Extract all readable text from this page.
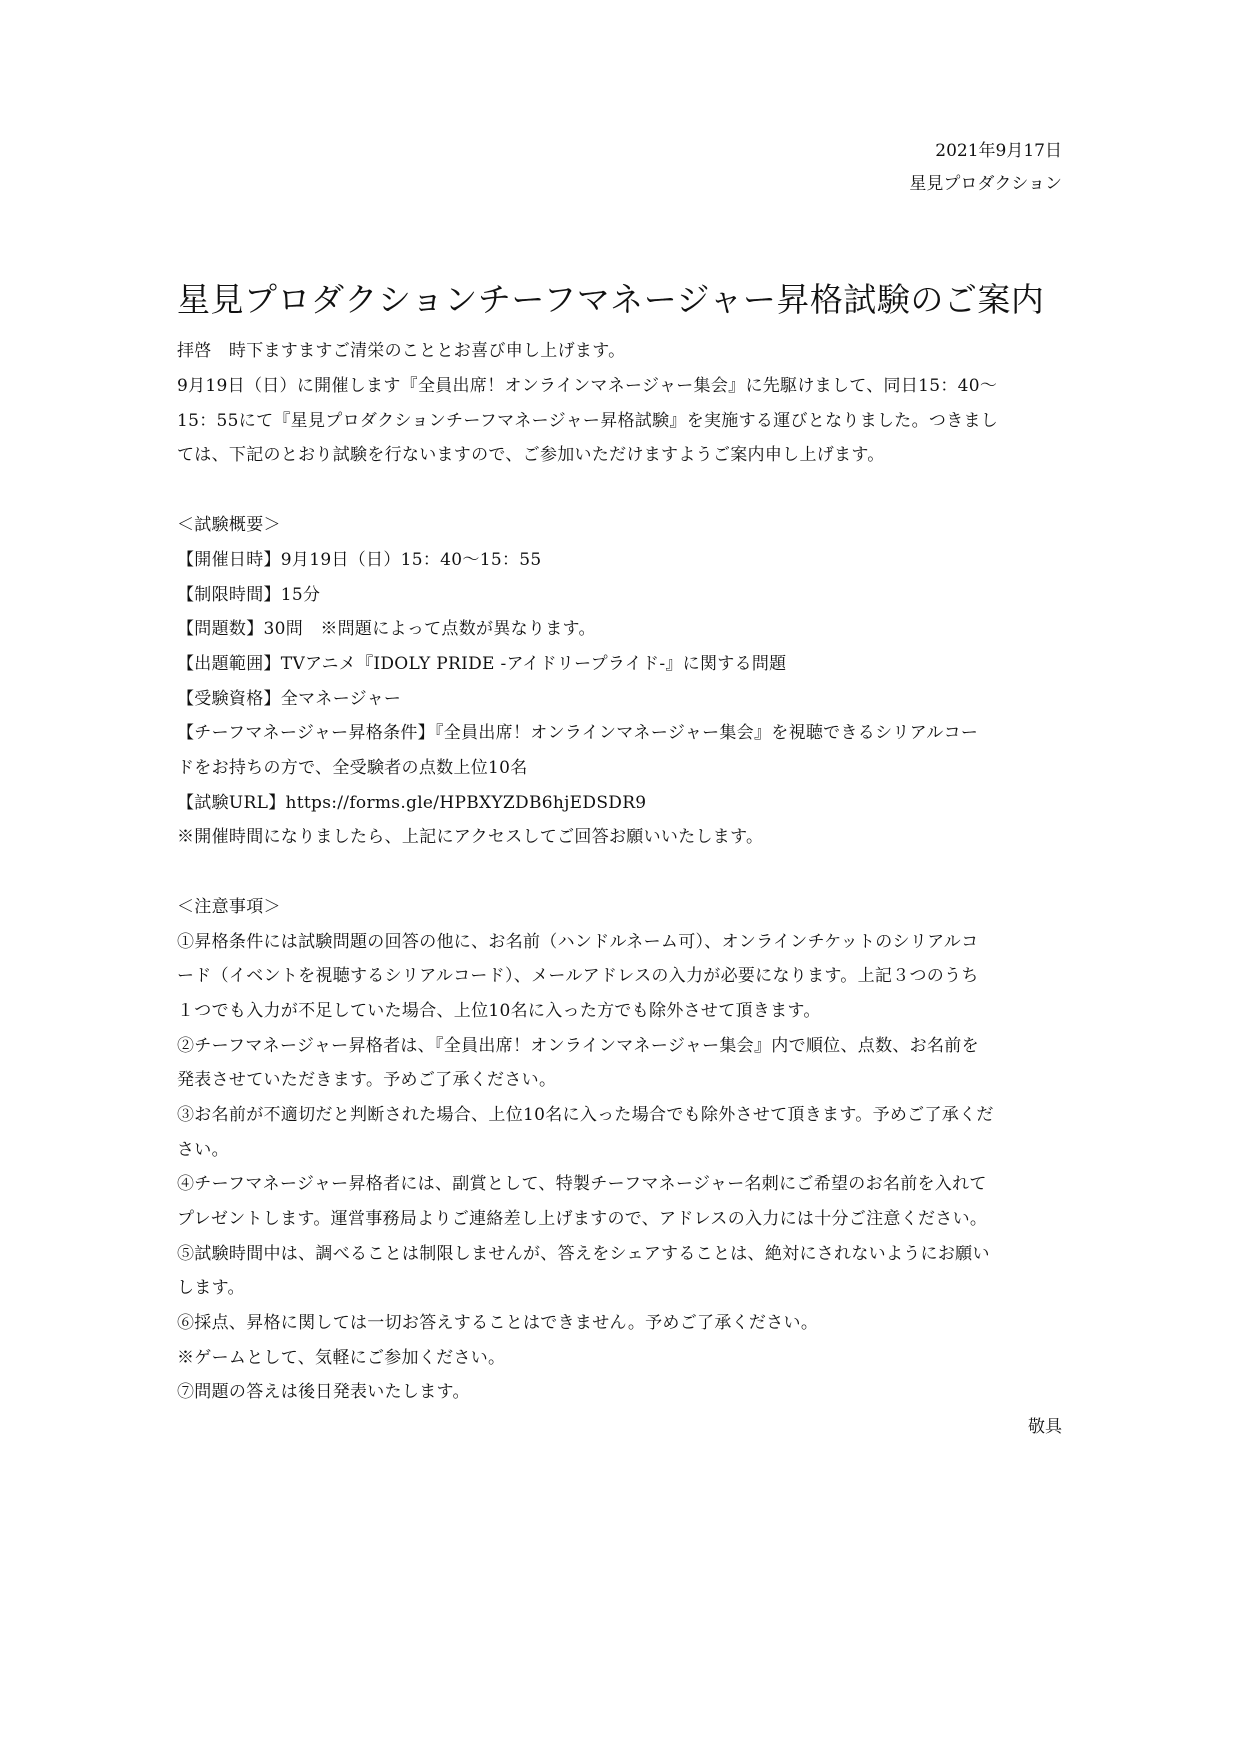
2021年9月17日
星見プロダクション
星見プロダクションチーフマネージャー昇格試験のご案内
拝啓　時下ますますご清栄のこととお喜び申し上げます。
9月19日（日）に開催します『全員出席！オンラインマネージャー集会』に先駆けまして、同日15：40〜
15：55にて『星見プロダクションチーフマネージャー昇格試験』を実施する運びとなりました。つきまし
ては、下記のとおり試験を行ないますので、ご参加いただけますようご案内申し上げます。
＜試験概要＞
【開催日時】9月19日（日）15：40〜15：55
【制限時間】15分
【問題数】30問　※問題によって点数が異なります。
【出題範囲】TVアニメ『IDOLY PRIDE -アイドリープライド-』に関する問題
【受験資格】全マネージャー
【チーフマネージャー昇格条件】『全員出席！オンラインマネージャー集会』を視聴できるシリアルコー
ドをお持ちの方で、全受験者の点数上位10名
【試験URL】https://forms.gle/HPBXYZDB6hjEDSDR9
※開催時間になりましたら、上記にアクセスしてご回答お願いいたします。
＜注意事項＞
①昇格条件には試験問題の回答の他に、お名前（ハンドルネーム可）、オンラインチケットのシリアルコ
ード（イベントを視聴するシリアルコード）、メールアドレスの入力が必要になります。上記３つのうち
１つでも入力が不足していた場合、上位10名に入った方でも除外させて頂きます。
②チーフマネージャー昇格者は、『全員出席！オンラインマネージャー集会』内で順位、点数、お名前を
発表させていただきます。予めご了承ください。
③お名前が不適切だと判断された場合、上位10名に入った場合でも除外させて頂きます。予めご了承くだ
さい。
④チーフマネージャー昇格者には、副賞として、特製チーフマネージャー名刺にご希望のお名前を入れて
プレゼントします。運営事務局よりご連絡差し上げますので、アドレスの入力には十分ご注意ください。
⑤試験時間中は、調べることは制限しませんが、答えをシェアすることは、絶対にされないようにお願い
します。
⑥採点、昇格に関しては一切お答えすることはできません。予めご了承ください。
※ゲームとして、気軽にご参加ください。
⑦問題の答えは後日発表いたします。
敬具
